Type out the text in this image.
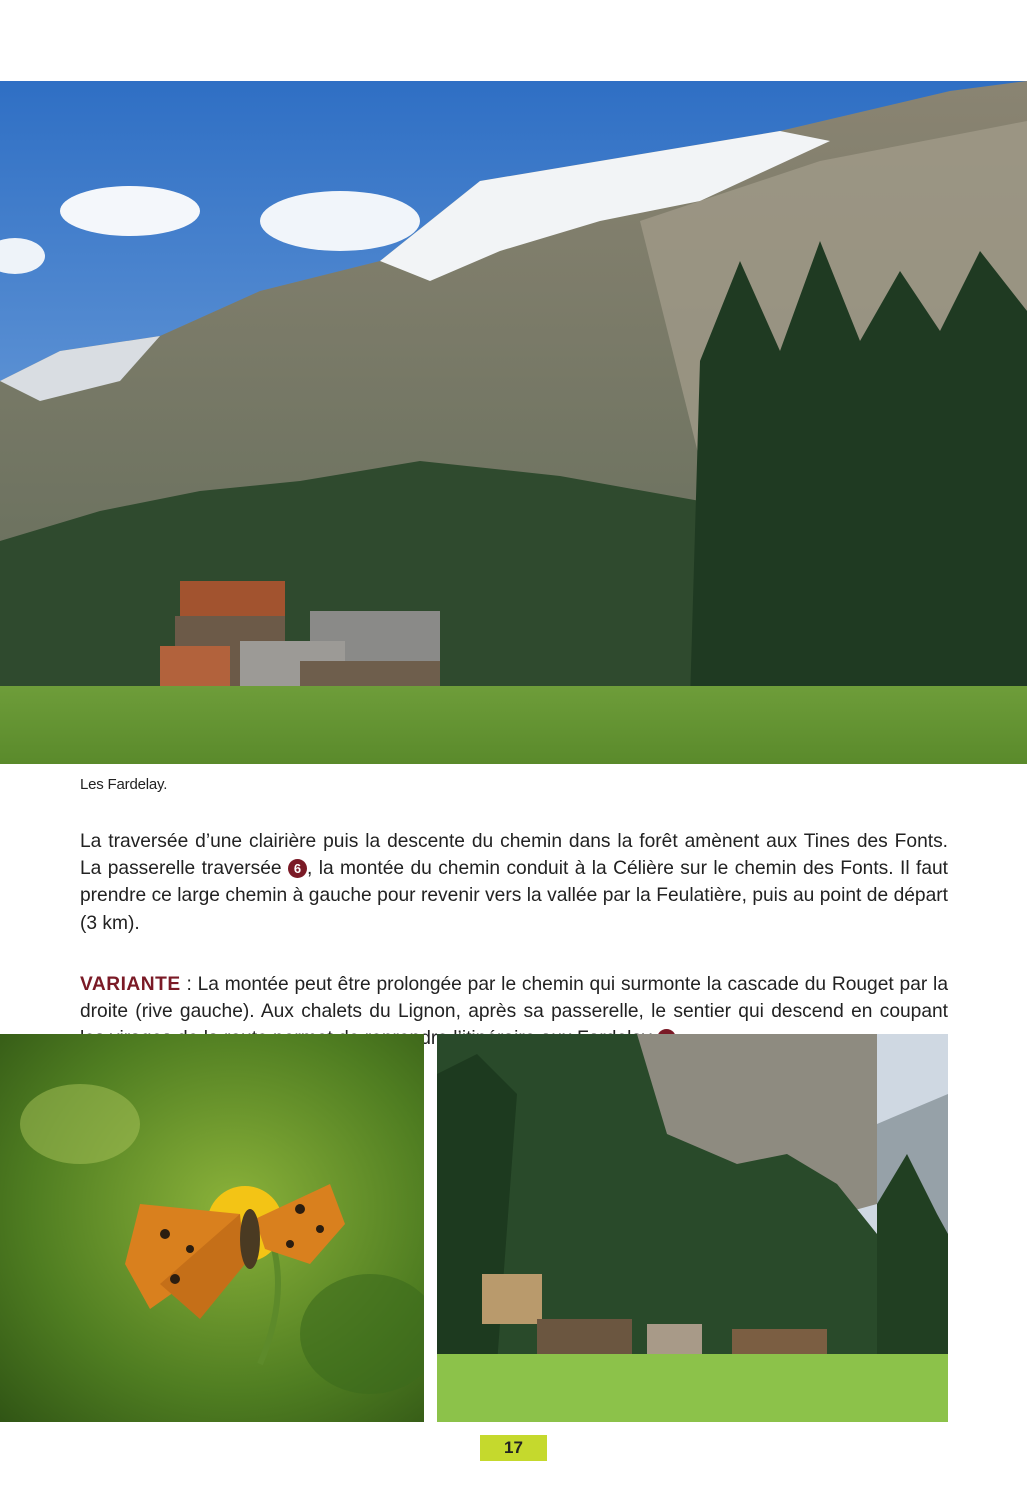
Les Fardelay.
La traversée d’une clairière puis la descente du chemin dans la forêt amènent aux Tines des Fonts. La passerelle traversée 6 , la montée du chemin conduit à la Célière sur le chemin des Fonts. Il faut prendre ce large chemin à gauche pour revenir vers la vallée par la Feulatière, puis au point de départ (3 km).
VARIANTE : La montée peut être prolongée par le chemin qui surmonte la cascade du Rouget par la droite (rive gauche). Aux chalets du Lignon, après sa passerelle, le sentier qui descend en coupant
17
